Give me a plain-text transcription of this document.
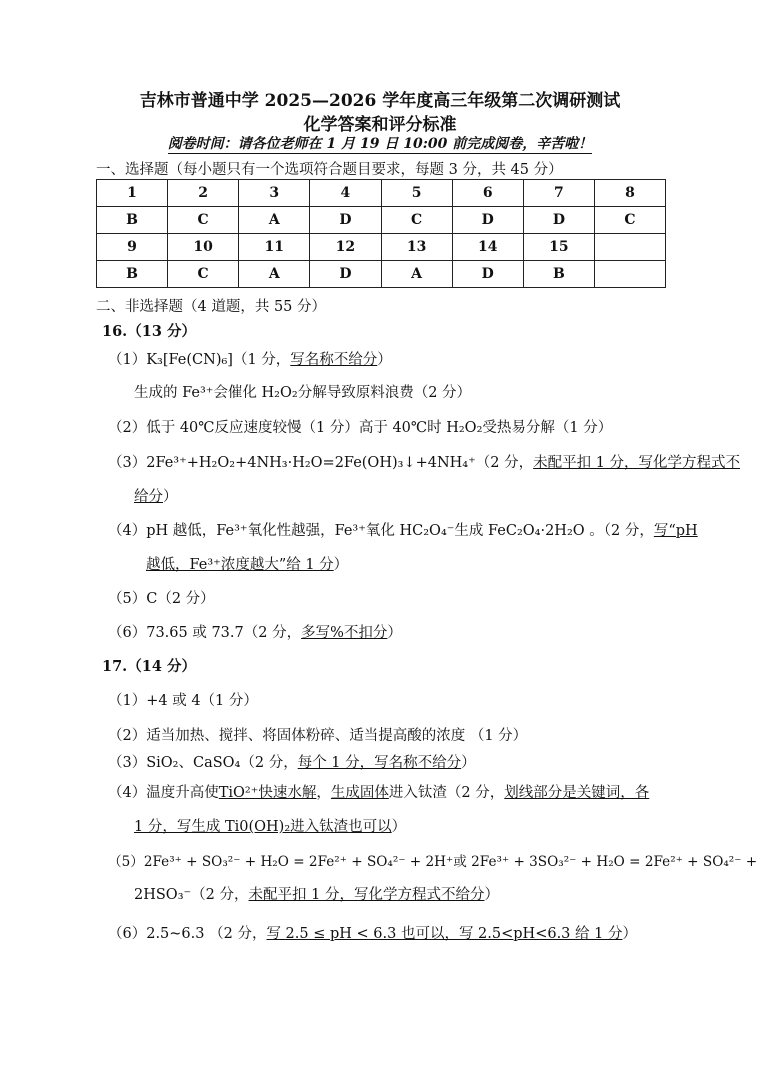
吉林市普通中学 2025—2026 学年度高三年级第二次调研测试
化学答案和评分标准
阅卷时间：请各位老师在 1 月 19 日 10:00 前完成阅卷，辛苦啦！
一、选择题（每小题只有一个选项符合题目要求，每题 3 分，共 45 分）
1	2	3	4	5	6	7	8
B	C	A	D	C	D	D	C
9	10	11	12	13	14	15	
B	C	A	D	A	D	B	
二、非选择题（4 道题，共 55 分）
16.（13 分）
（1）K₃[Fe(CN)₆]（1 分，写名称不给分）
生成的 Fe³⁺会催化 H₂O₂分解导致原料浪费（2 分）
（2）低于 40℃反应速度较慢（1 分）高于 40℃时 H₂O₂受热易分解（1 分）
（3）2Fe³⁺+H₂O₂+4NH₃·H₂O=2Fe(OH)₃↓+4NH₄⁺（2 分，未配平扣 1 分，写化学方程式不
给分）
（4）pH 越低，Fe³⁺氧化性越强，Fe³⁺氧化 HC₂O₄⁻生成 FeC₂O₄·2H₂O 。（2 分，写“pH
越低，Fe³⁺浓度越大”给 1 分）
（5）C（2 分）
（6）73.65 或 73.7（2 分，多写%不扣分）
17.（14 分）
（1）+4 或 4（1 分）
（2）适当加热、搅拌、将固体粉碎、适当提高酸的浓度 （1 分）
（3）SiO₂、CaSO₄（2 分，每个 1 分，写名称不给分）
（4）温度升高使TiO²⁺快速水解，生成固体进入钛渣（2 分，划线部分是关键词，各
1 分，写生成 Ti0(OH)₂进入钛渣也可以）
（5）2Fe³⁺ + SO₃²⁻ + H₂O = 2Fe²⁺ + SO₄²⁻ + 2H⁺或 2Fe³⁺ + 3SO₃²⁻ + H₂O = 2Fe²⁺ + SO₄²⁻ +
2HSO₃⁻（2 分，未配平扣 1 分，写化学方程式不给分）
（6）2.5~6.3 （2 分，写 2.5 ≤ pH < 6.3 也可以，写 2.5<pH<6.3 给 1 分）
